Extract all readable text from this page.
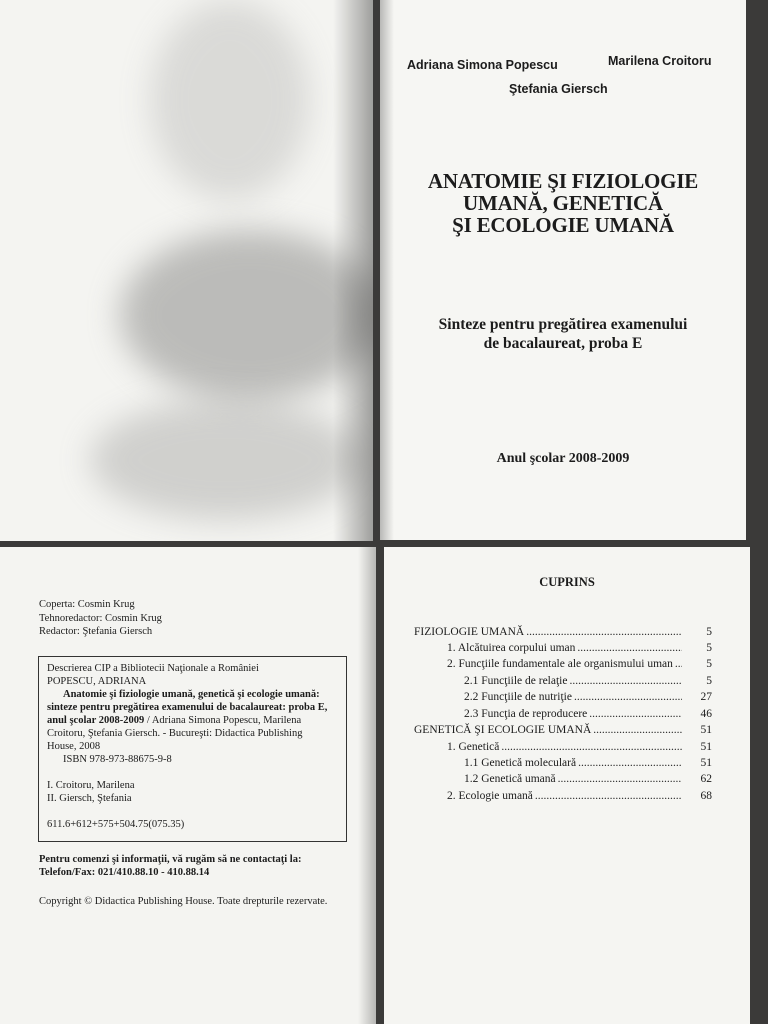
Adriana Simona Popescu	Marilena Croitoru
Ştefania Giersch
ANATOMIE ŞI FIZIOLOGIE
UMANĂ, GENETICĂ
ŞI ECOLOGIE UMANĂ
Sinteze pentru pregătirea examenului
de bacalaureat, proba E
Anul şcolar 2008-2009
Coperta: Cosmin Krug
Tehnoredactor: Cosmin Krug
Redactor: Ştefania Giersch
Descrierea CIP a Bibliotecii Naţionale a României
POPESCU, ADRIANA
Anatomie şi fiziologie umană, genetică şi ecologie umană:
sinteze pentru pregătirea examenului de bacalaureat: proba E,
anul şcolar 2008-2009 / Adriana Simona Popescu, Marilena
Croitoru, Ştefania Giersch. - Bucureşti: Didactica Publishing
House, 2008
ISBN 978-973-88675-9-8
I. Croitoru, Marilena
II. Giersch, Ştefania
611.6+612+575+504.75(075.35)
Pentru comenzi şi informaţii, vă rugăm să ne contactaţi la:
Telefon/Fax: 021/410.88.10 - 410.88.14
Copyright © Didactica Publishing House. Toate drepturile rezervate.
CUPRINS
FIZIOLOGIE UMANĂ .....	5
1. Alcătuirea corpului uman .....	5
2. Funcţiile fundamentale ale organismului uman .....	5
2.1 Funcţiile de relaţie .....	5
2.2 Funcţiile de nutriţie .....	27
2.3 Funcţia de reproducere .....	46
GENETICĂ ŞI ECOLOGIE UMANĂ .....	51
1. Genetică .....	51
1.1 Genetică moleculară .....	51
1.2 Genetică umană .....	62
2. Ecologie umană .....	68
